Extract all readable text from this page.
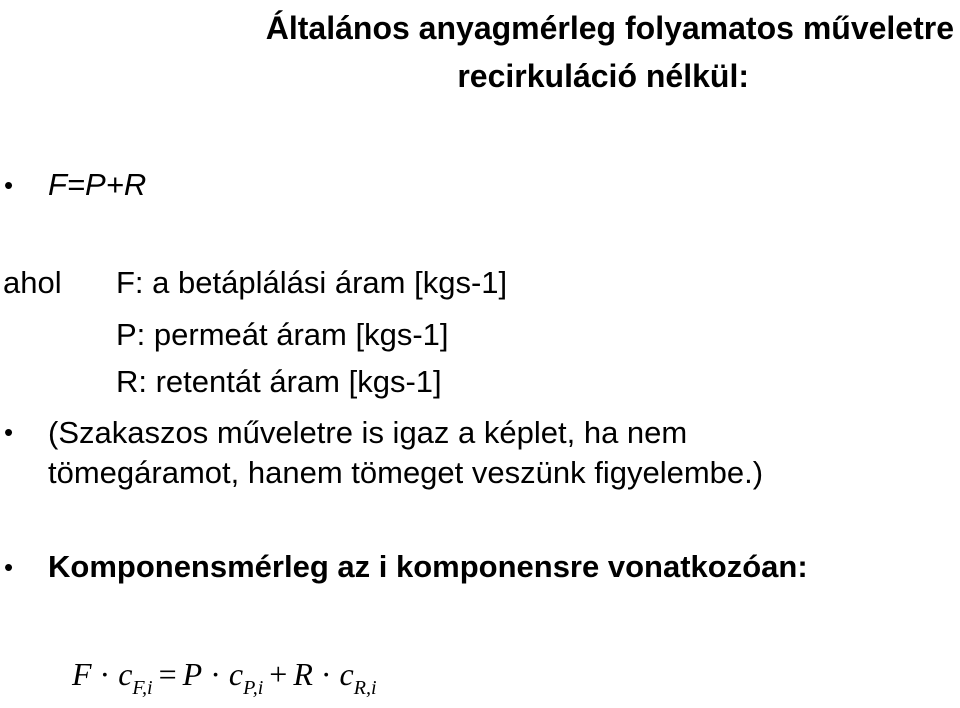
Általános anyagmérleg folyamatos műveletre
recirkuláció nélkül:
• F=P+R
ahol F: a betáplálási áram [kgs-1]
P: permeát áram [kgs-1]
R: retentát áram [kgs-1]
• (Szakaszos műveletre is igaz a képlet, ha nem
tömegáramot, hanem tömeget veszünk figyelembe.)
• Komponensmérleg az i komponensre vonatkozóan:
$F \cdot c_{F,i} = P \cdot c_{P,i} + R \cdot c_{R,i}$
